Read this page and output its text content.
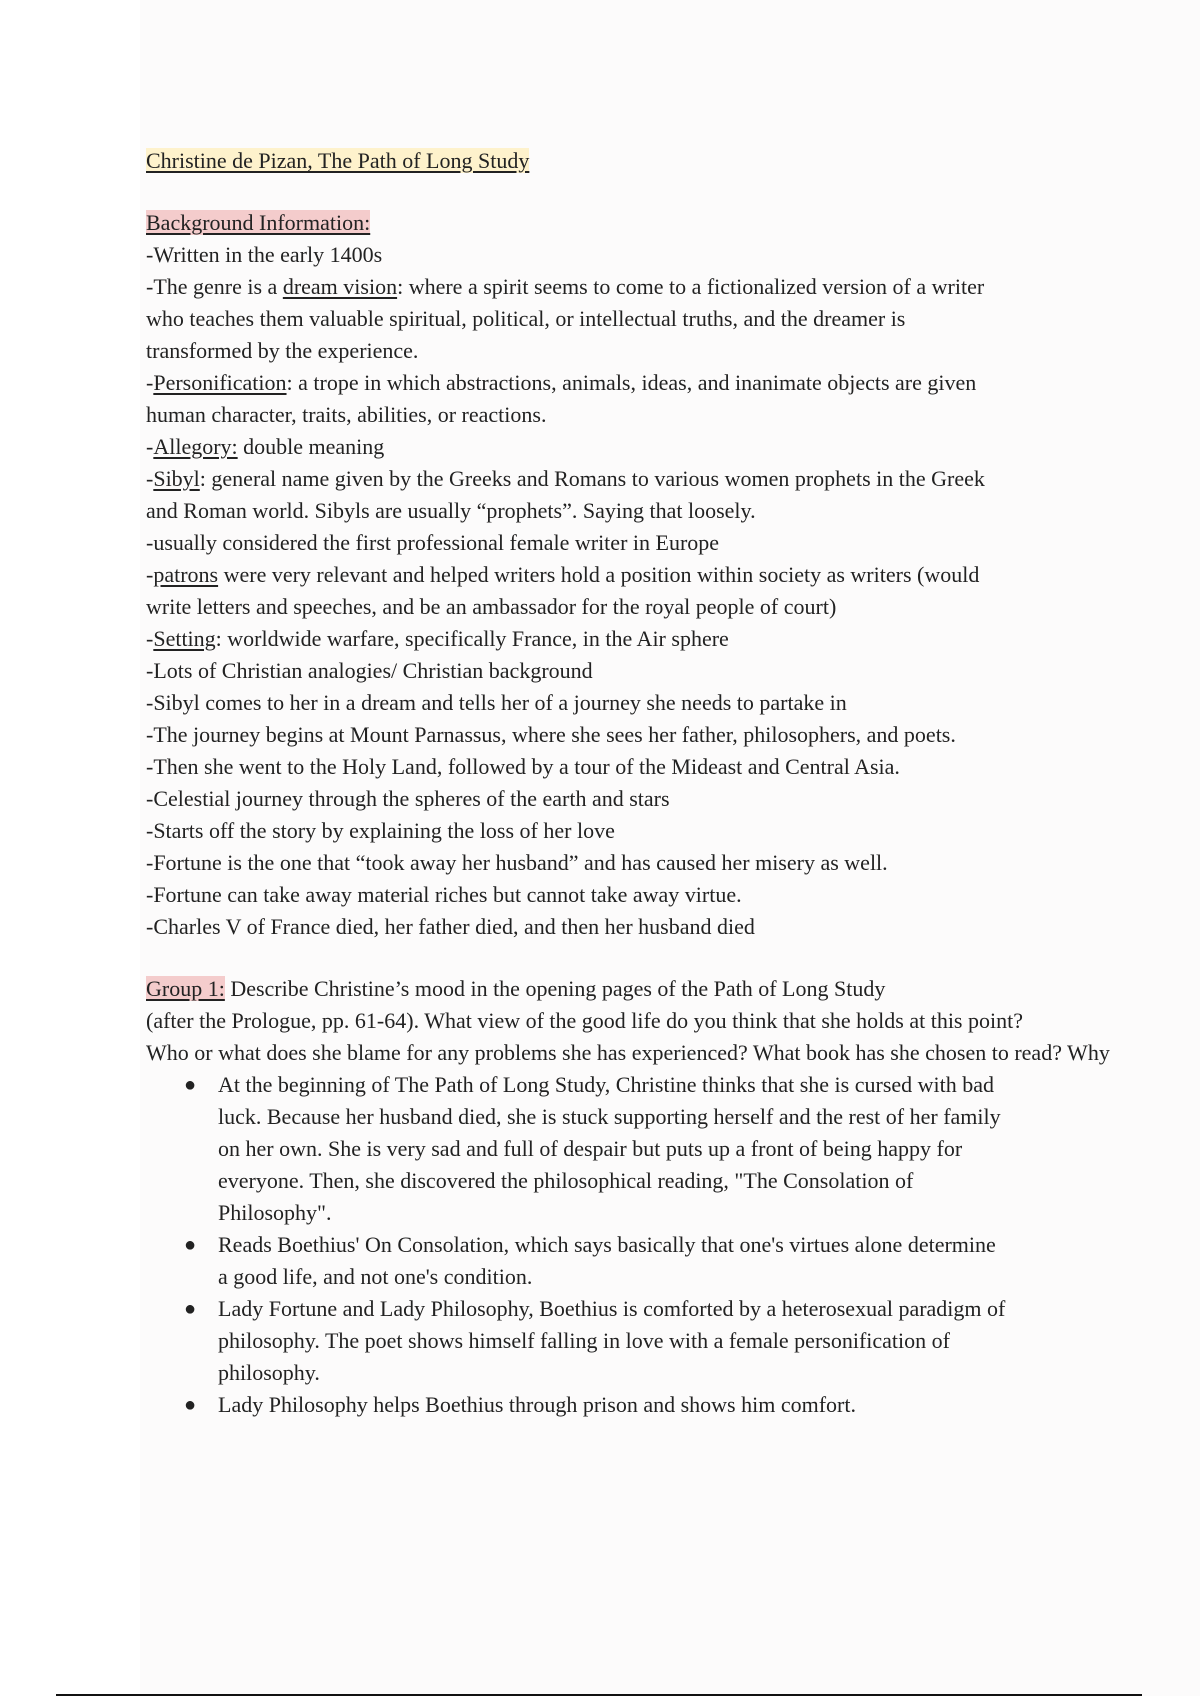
Christine de Pizan, The Path of Long Study
Background Information:
-Written in the early 1400s
-The genre is a dream vision: where a spirit seems to come to a fictionalized version of a writer
who teaches them valuable spiritual, political, or intellectual truths, and the dreamer is
transformed by the experience.
-Personification: a trope in which abstractions, animals, ideas, and inanimate objects are given
human character, traits, abilities, or reactions.
-Allegory: double meaning
-Sibyl: general name given by the Greeks and Romans to various women prophets in the Greek
and Roman world. Sibyls are usually “prophets”. Saying that loosely.
-usually considered the first professional female writer in Europe
-patrons were very relevant and helped writers hold a position within society as writers (would
write letters and speeches, and be an ambassador for the royal people of court)
-Setting: worldwide warfare, specifically France, in the Air sphere
-Lots of Christian analogies/ Christian background
-Sibyl comes to her in a dream and tells her of a journey she needs to partake in
-The journey begins at Mount Parnassus, where she sees her father, philosophers, and poets.
-Then she went to the Holy Land, followed by a tour of the Mideast and Central Asia.
-Celestial journey through the spheres of the earth and stars
-Starts off the story by explaining the loss of her love
-Fortune is the one that “took away her husband” and has caused her misery as well.
-Fortune can take away material riches but cannot take away virtue.
-Charles V of France died, her father died, and then her husband died
Group 1: Describe Christine’s mood in the opening pages of the Path of Long Study
(after the Prologue, pp. 61-64). What view of the good life do you think that she holds at this point?
Who or what does she blame for any problems she has experienced? What book has she chosen to read? Why
● At the beginning of The Path of Long Study, Christine thinks that she is cursed with bad
luck. Because her husband died, she is stuck supporting herself and the rest of her family
on her own. She is very sad and full of despair but puts up a front of being happy for
everyone. Then, she discovered the philosophical reading, "The Consolation of
Philosophy".
● Reads Boethius' On Consolation, which says basically that one's virtues alone determine
a good life, and not one's condition.
● Lady Fortune and Lady Philosophy, Boethius is comforted by a heterosexual paradigm of
philosophy. The poet shows himself falling in love with a female personification of
philosophy.
● Lady Philosophy helps Boethius through prison and shows him comfort.
